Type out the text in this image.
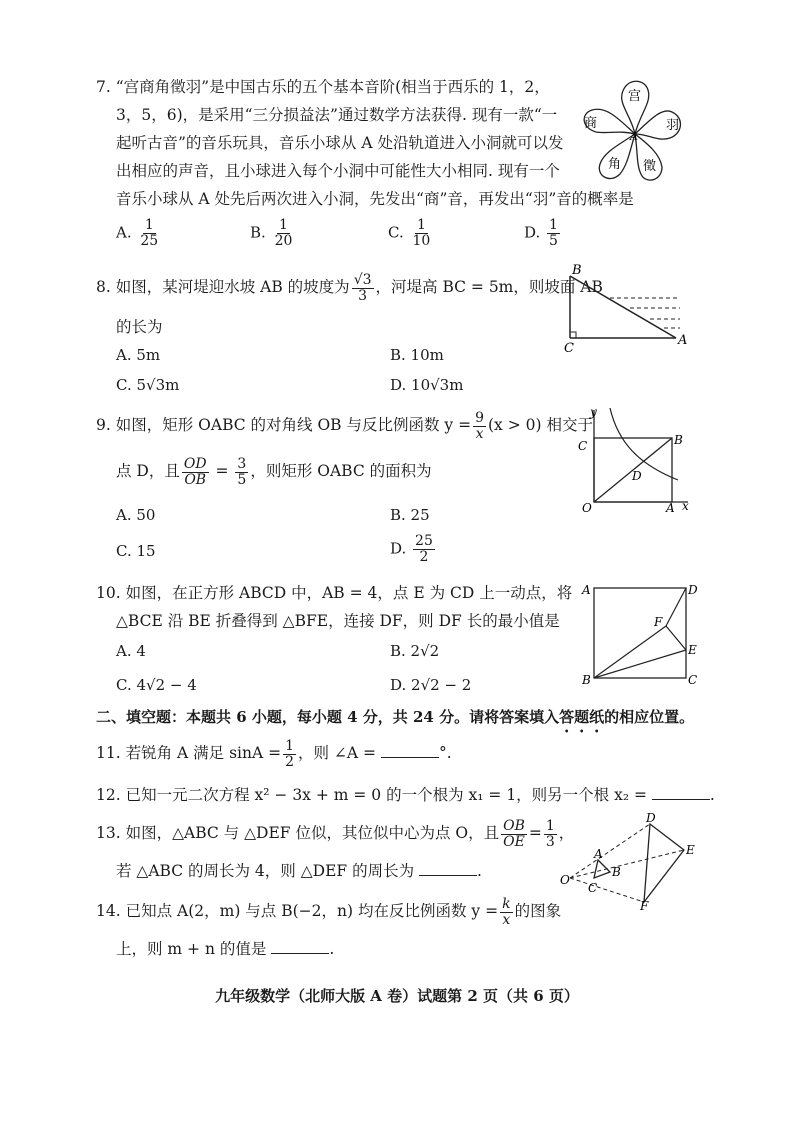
7. “宫商角徵羽”是中国古乐的五个基本音阶(相当于西乐的 1，2，
3，5，6)，是采用“三分损益法”通过数学方法获得. 现有一款“一
起听古音”的音乐玩具，音乐小球从 A 处沿轨道进入小洞就可以发
出相应的声音，且小球进入每个小洞中可能性大小相同. 现有一个
音乐小球从 A 处先后两次进入小洞，先发出“商”音，再发出“羽”音的概率是
宫
羽
徵
角
商
A
A. $\frac{1}{25}$	B. $\frac{1}{20}$	C. $\frac{1}{10}$	D. $\frac{1}{5}$
8. 如图，某河堤迎水坡 AB 的坡度为 $\frac{√3}{3}$ ，河堤高 BC = 5m，则坡面 AB
的长为
A. 5m	B. 10m
C. 5√3m	D. 10√3m
B
C
A
9. 如图，矩形 OABC 的对角线 OB 与反比例函数 $y = \frac{9}{x} (x > 0)$ 相交于
点 D，且 $\frac{OD}{OB} = \frac{3}{5}$ ，则矩形 OABC 的面积为
A. 50	B. 25
C. 15	D. $\frac{25}{2}$
y
C	B
D
O	A x
10. 如图，在正方形 ABCD 中，AB = 4，点 E 为 CD 上一动点，将
△BCE 沿 BE 折叠得到 △BFE，连接 DF，则 DF 长的最小值是
A. 4	B. 2√2
C. 4√2 − 4	D. 2√2 − 2
A	D
F
E
B	C
二、填空题：本题共 6 小题，每小题 4 分，共 24 分。请将答案填入答题纸的相应位置。
11. 若锐角 A 满足 $\sin A = \frac{1}{2}$ ，则 ∠A =	°.
12. 已知一元二次方程 x² − 3x + m = 0 的一个根为 x₁ = 1，则另一个根 x₂ =	.
13. 如图，△ABC 与 △DEF 位似，其位似中心为点 O，且 $\frac{OB}{OE} = \frac{1}{3}$ ，
若 △ABC 的周长为 4，则 △DEF 的周长为	.
D
A	E
O
B
C
F
14. 已知点 A(2，m) 与点 B(−2，n) 均在反比例函数 $y = \frac{k}{x}$ 的图象
上，则 m + n 的值是	.
九年级数学（北师大版 A 卷）试题第 2 页（共 6 页）
